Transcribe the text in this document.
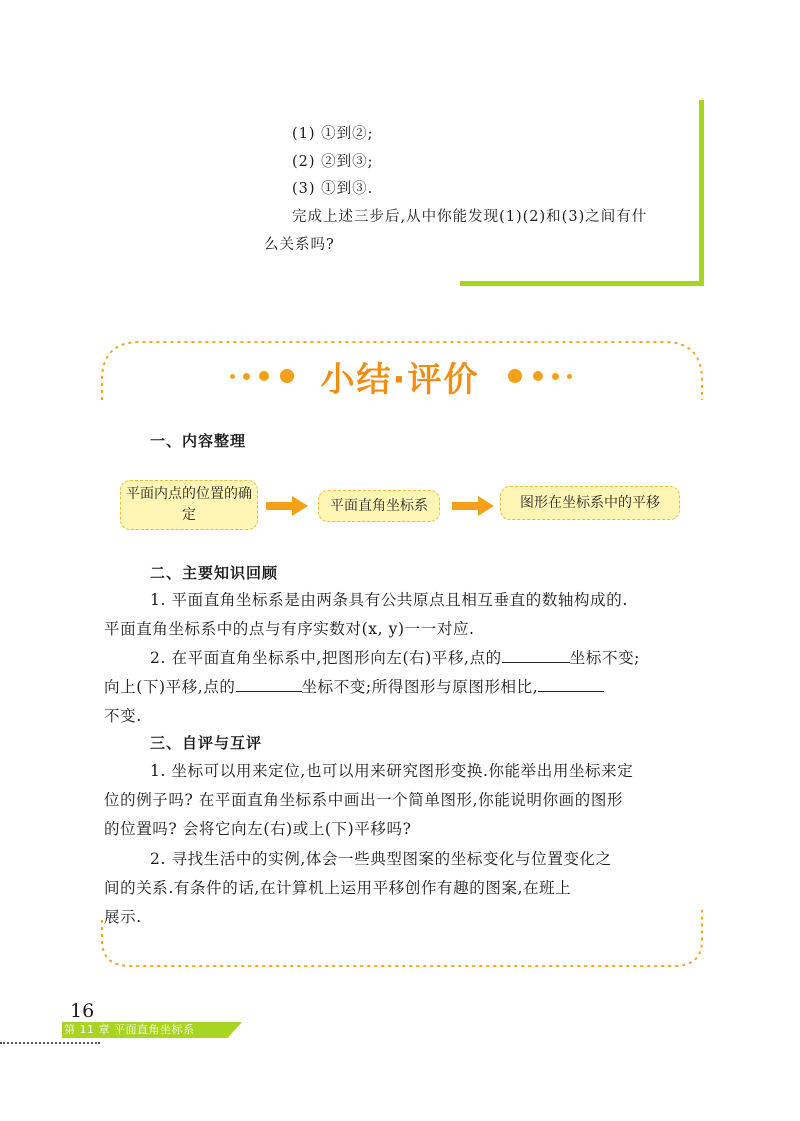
(1) ①到②;
(2) ②到③;
(3) ①到③.
完成上述三步后,从中你能发现(1)(2)和(3)之间有什
么关系吗?
小结·评价
一、内容整理
平面内点的位置的确定
平面直角坐标系	图形在坐标系中的平移
二、主要知识回顾
1. 平面直角坐标系是由两条具有公共原点且相互垂直的数轴构成的.
平面直角坐标系中的点与有序实数对(x, y)一一对应.
2. 在平面直角坐标系中,把图形向左(右)平移,点的	坐标不变;
向上(下)平移,点的	坐标不变;所得图形与原图形相比,
不变.
三、自评与互评
1. 坐标可以用来定位,也可以用来研究图形变换.你能举出用坐标来定
位的例子吗? 在平面直角坐标系中画出一个简单图形,你能说明你画的图形
的位置吗? 会将它向左(右)或上(下)平移吗?
2. 寻找生活中的实例,体会一些典型图案的坐标变化与位置变化之
间的关系.有条件的话,在计算机上运用平移创作有趣的图案,在班上
展示.
16
第 11 章 平面直角坐标系
